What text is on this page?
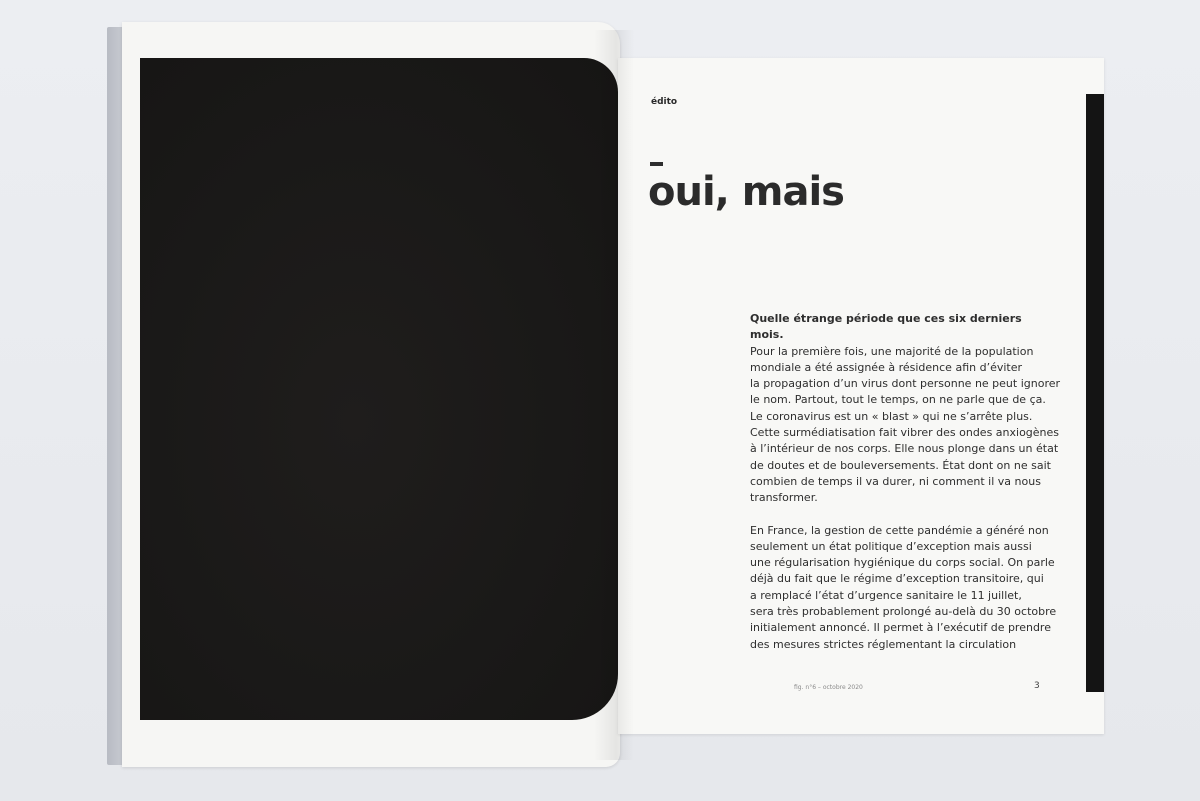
édito
oui, mais
Quelle étrange période que ces six derniers mois.
Pour la première fois, une majorité de la population
mondiale a été assignée à résidence afin d’éviter
la propagation d’un virus dont personne ne peut ignorer
le nom. Partout, tout le temps, on ne parle que de ça.
Le coronavirus est un « blast » qui ne s’arrête plus.
Cette surmédiatisation fait vibrer des ondes anxiogènes
à l’intérieur de nos corps. Elle nous plonge dans un état
de doutes et de bouleversements. État dont on ne sait
combien de temps il va durer, ni comment il va nous
transformer.
En France, la gestion de cette pandémie a généré non
seulement un état politique d’exception mais aussi
une régularisation hygiénique du corps social. On parle
déjà du fait que le régime d’exception transitoire, qui
a remplacé l’état d’urgence sanitaire le 11 juillet,
sera très probablement prolongé au-delà du 30 octobre
initialement annoncé. Il permet à l’exécutif de prendre
des mesures strictes réglementant la circulation
fig. n°6 – octobre 2020	3
